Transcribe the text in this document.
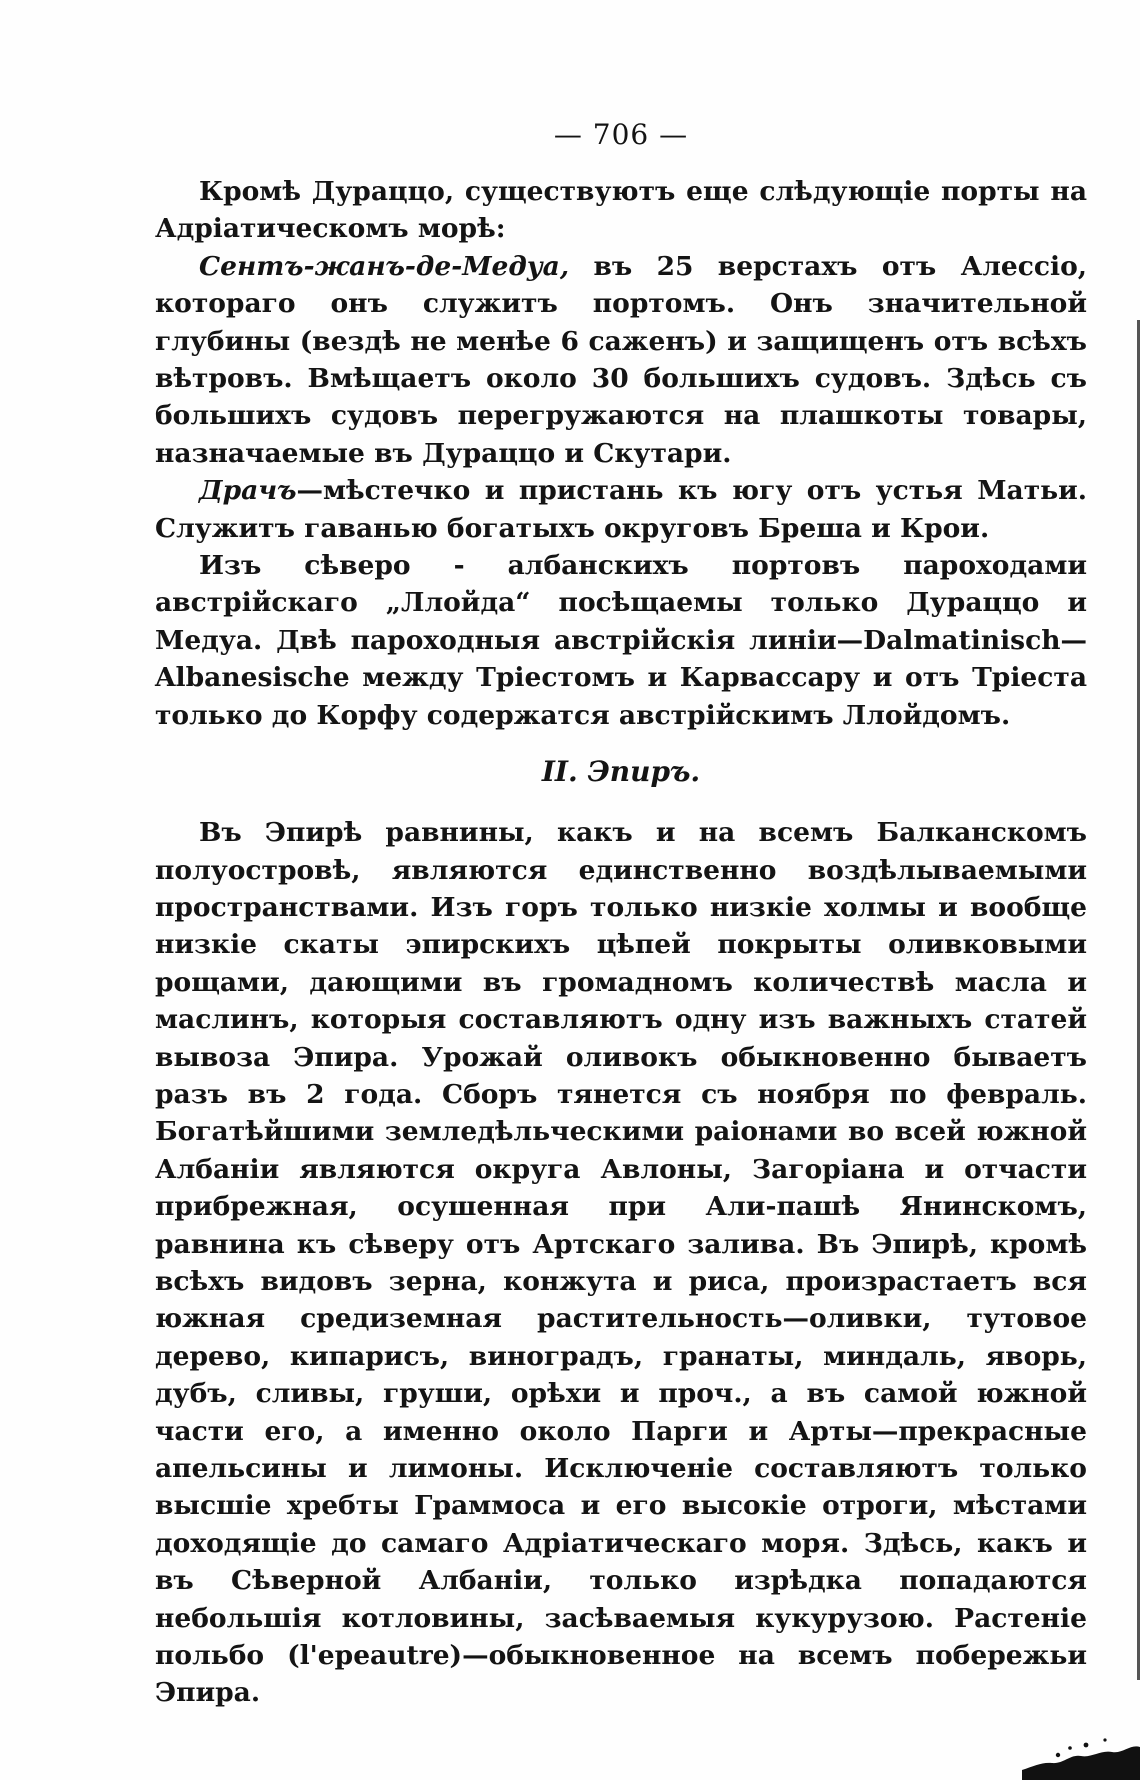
— 706 —

Кромѣ Дураццо, существуютъ еще слѣдующіе порты на Адріатическомъ морѣ:

Сентъ-жанъ-де-Медуа, въ 25 верстахъ отъ Алессіо, котораго онъ служитъ портомъ. Онъ значительной глубины (вездѣ не менѣе 6 саженъ) и защищенъ отъ всѣхъ вѣтровъ. Вмѣщаетъ около 30 большихъ судовъ. Здѣсь съ большихъ судовъ перегружаются на плашкоты товары, назначаемые въ Дураццо и Скутари.

Драчъ—мѣстечко и пристань къ югу отъ устья Матьи. Служитъ гаванью богатыхъ округовъ Бреша и Крои.

Изъ сѣверо - албанскихъ портовъ пароходами австрійскаго „Ллойда“ посѣщаемы только Дураццо и Медуа. Двѣ пароходныя австрійскія линіи—Dalmatinisch—Albanesische между Тріестомъ и Карвассару и отъ Тріеста только до Корфу содержатся австрійскимъ Ллойдомъ.

II. Эпиръ.

Въ Эпирѣ равнины, какъ и на всемъ Балканскомъ полуостровѣ, являются единственно воздѣлываемыми пространствами. Изъ горъ только низкіе холмы и вообще низкіе скаты эпирскихъ цѣпей покрыты оливковыми рощами, дающими въ громадномъ количествѣ масла и маслинъ, которыя составляютъ одну изъ важныхъ статей вывоза Эпира. Урожай оливокъ обыкновенно бываетъ разъ въ 2 года. Сборъ тянется съ ноября по февраль. Богатѣйшими земледѣльческими раіонами во всей южной Албаніи являются округа Авлоны, Загоріана и отчасти прибрежная, осушенная при Али-пашѣ Янинскомъ, равнина къ сѣверу отъ Артскаго залива. Въ Эпирѣ, кромѣ всѣхъ видовъ зерна, конжута и риса, произрастаетъ вся южная средиземная растительность—оливки, тутовое дерево, кипарисъ, виноградъ, гранаты, миндаль, яворь, дубъ, сливы, груши, орѣхи и проч., а въ самой южной части его, а именно около Парги и Арты—прекрасные апельсины и лимоны. Исключеніе составляютъ только высшіе хребты Граммоса и его высокіе отроги, мѣстами доходящіе до самаго Адріатическаго моря. Здѣсь, какъ и въ Сѣверной Албаніи, только изрѣдка попадаются небольшія котловины, засѣваемыя кукурузою. Растеніе польбо (l'epeautre)—обыкновенное на всемъ побережьи Эпира.
